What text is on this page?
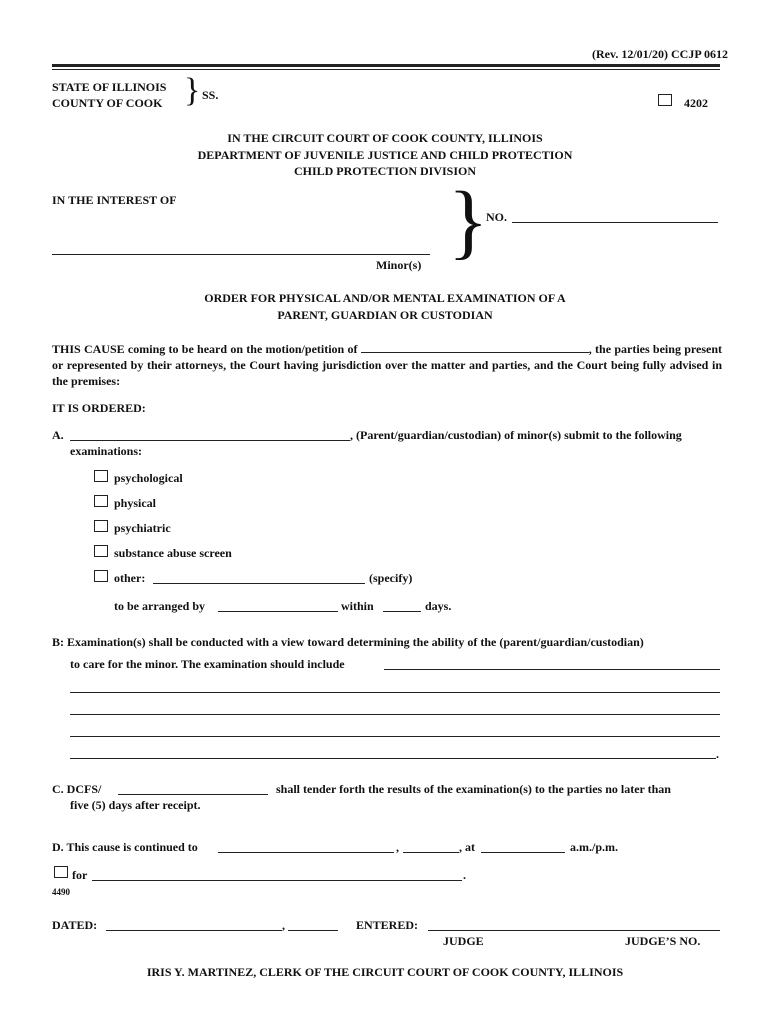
(Rev. 12/01/20) CCJP 0612
STATE OF ILLINOIS
COUNTY OF COOK } SS.
4202
IN THE CIRCUIT COURT OF COOK COUNTY, ILLINOIS
DEPARTMENT OF JUVENILE JUSTICE AND CHILD PROTECTION
CHILD PROTECTION DIVISION
IN THE INTEREST OF
Minor(s) }
NO.
ORDER FOR PHYSICAL AND/OR MENTAL EXAMINATION OF A
PARENT, GUARDIAN OR CUSTODIAN
THIS CAUSE coming to be heard on the motion/petition of	, the parties being present or represented by their attorneys, the Court having jurisdiction over the matter and parties, and the Court being fully advised in the premises:
IT IS ORDERED:
A.	, (Parent/guardian/custodian) of minor(s) submit to the following
examinations:
psychological
physical
psychiatric
substance abuse screen
other:	(specify)
to be arranged by	within	days.
B: Examination(s) shall be conducted with a view toward determining the ability of the (parent/guardian/custodian)
to care for the minor. The examination should include
.
C. DCFS/	shall tender forth the results of the examination(s) to the parties no later than
five (5) days after receipt.
D. This cause is continued to	,	, at	a.m./p.m.
for	.
4490
DATED:	,	ENTERED:
JUDGE	JUDGE’S NO.
IRIS Y. MARTINEZ, CLERK OF THE CIRCUIT COURT OF COOK COUNTY, ILLINOIS
